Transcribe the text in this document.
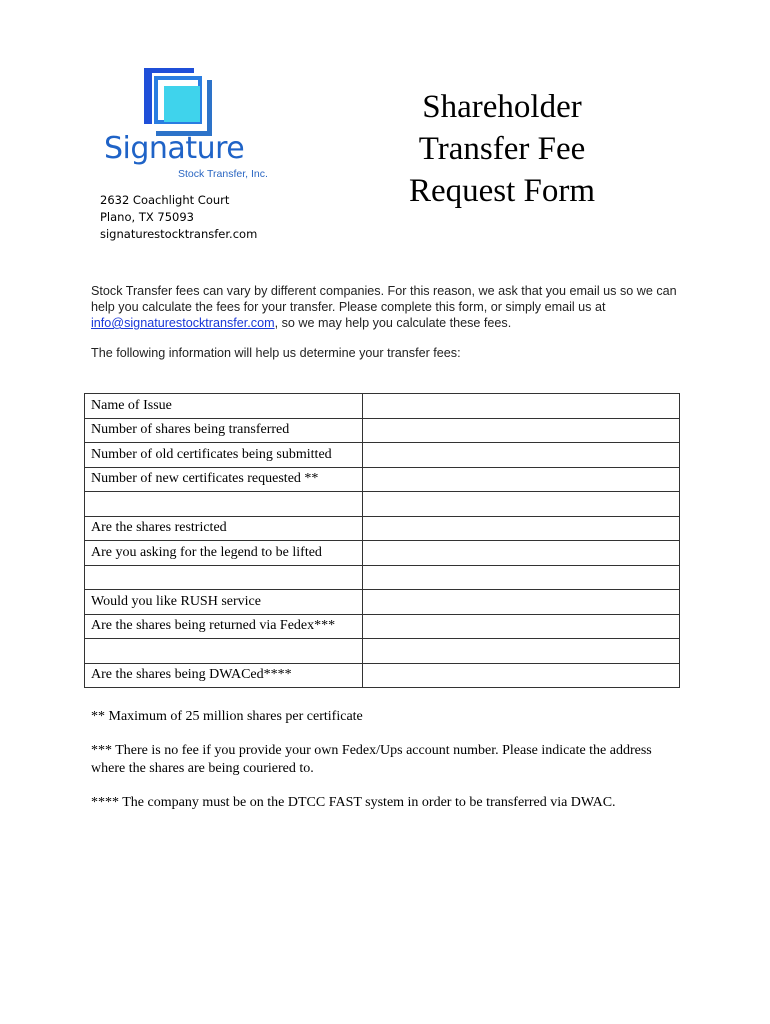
Signature
Stock Transfer, Inc.
2632 Coachlight Court
Plano, TX 75093
signaturestocktransfer.com
Shareholder
Transfer Fee
Request Form
Stock Transfer fees can vary by different companies. For this reason, we ask that you email us so we can help you calculate the fees for your transfer. Please complete this form, or simply email us at info@signaturestocktransfer.com, so we may help you calculate these fees.
The following information will help us determine your transfer fees:
Name of Issue	
Number of shares being transferred	
Number of old certificates being submitted	
Number of new certificates requested **	

Are the shares restricted	
Are you asking for the legend to be lifted	

Would you like RUSH service	
Are the shares being returned via Fedex***	

Are the shares being DWACed****	

** Maximum of 25 million shares per certificate

*** There is no fee if you provide your own Fedex/Ups account number. Please indicate the address where the shares are being couriered to.

**** The company must be on the DTCC FAST system in order to be transferred via DWAC.
